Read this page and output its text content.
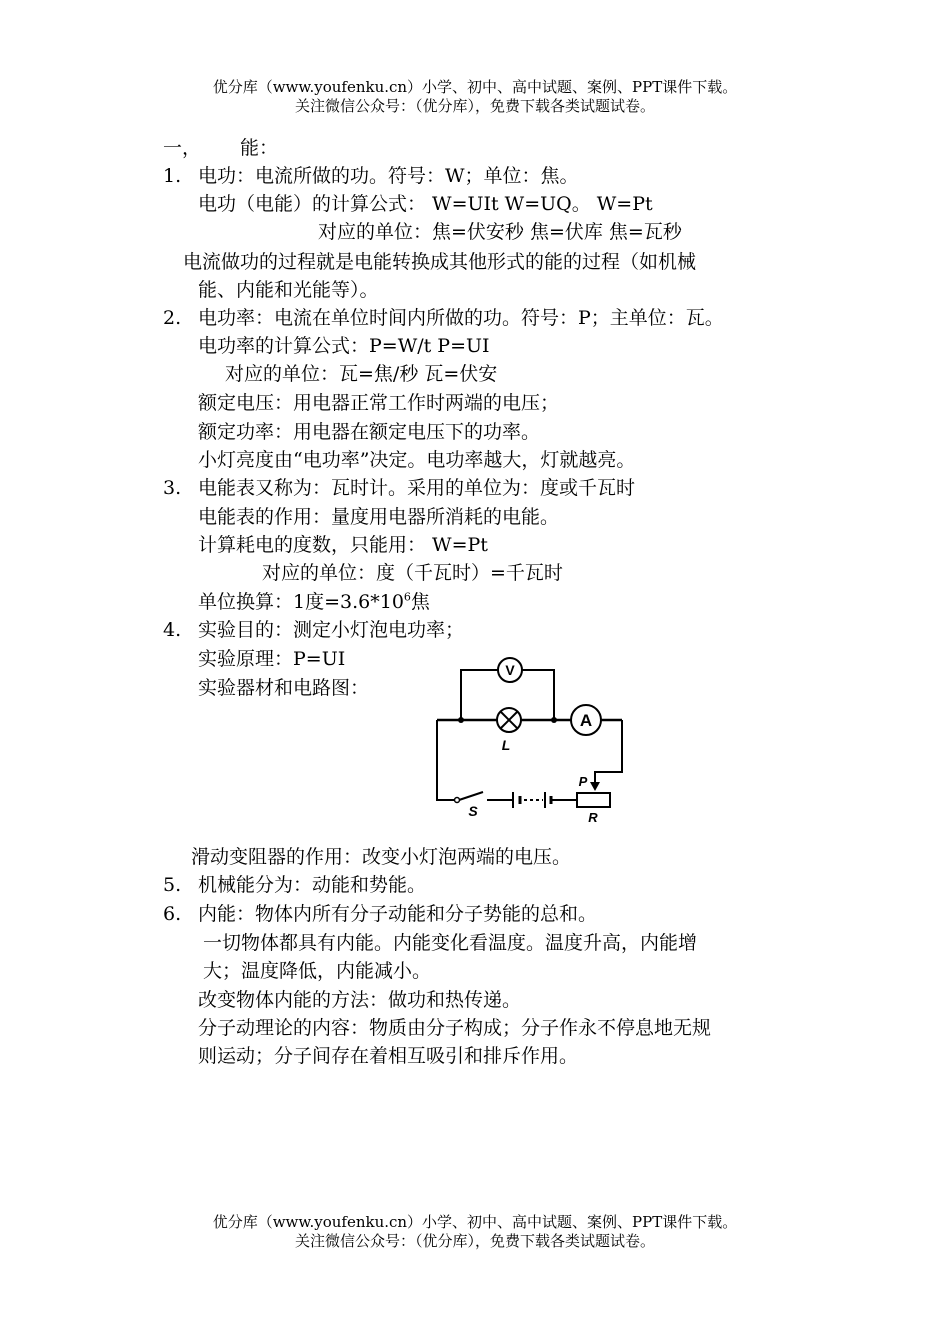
优分库（www.youfenku.cn）小学、初中、高中试题、案例、PPT课件下载。
关注微信公众号：（优分库），免费下载各类试题试卷。
一， 能：
1. 电功：电流所做的功。符号：W；单位：焦。
电功（电能）的计算公式： W=UIt W=UQ。 W=Pt
对应的单位：焦=伏安秒 焦=伏库 焦=瓦秒
电流做功的过程就是电能转换成其他形式的能的过程（如机械
能、内能和光能等）。
2. 电功率：电流在单位时间内所做的功。符号：P；主单位：瓦。
电功率的计算公式：P=W/t P=UI
对应的单位：瓦=焦/秒 瓦=伏安
额定电压：用电器正常工作时两端的电压；
额定功率：用电器在额定电压下的功率。
小灯亮度由“电功率”决定。电功率越大，灯就越亮。
3. 电能表又称为：瓦时计。采用的单位为：度或千瓦时
电能表的作用：量度用电器所消耗的电能。
计算耗电的度数，只能用： W=Pt
对应的单位：度（千瓦时）=千瓦时
单位换算：1度$=3.6*10^6$焦
4. 实验目的：测定小灯泡电功率；
实验原理：P=UI
实验器材和电路图：
V
A
L
S
P
R
滑动变阻器的作用：改变小灯泡两端的电压。
5. 机械能分为：动能和势能。
6. 内能：物体内所有分子动能和分子势能的总和。
一切物体都具有内能。内能变化看温度。温度升高，内能增
大；温度降低，内能减小。
改变物体内能的方法：做功和热传递。
分子动理论的内容：物质由分子构成；分子作永不停息地无规
则运动；分子间存在着相互吸引和排斥作用。
优分库（www.youfenku.cn）小学、初中、高中试题、案例、PPT课件下载。
关注微信公众号：（优分库），免费下载各类试题试卷。
